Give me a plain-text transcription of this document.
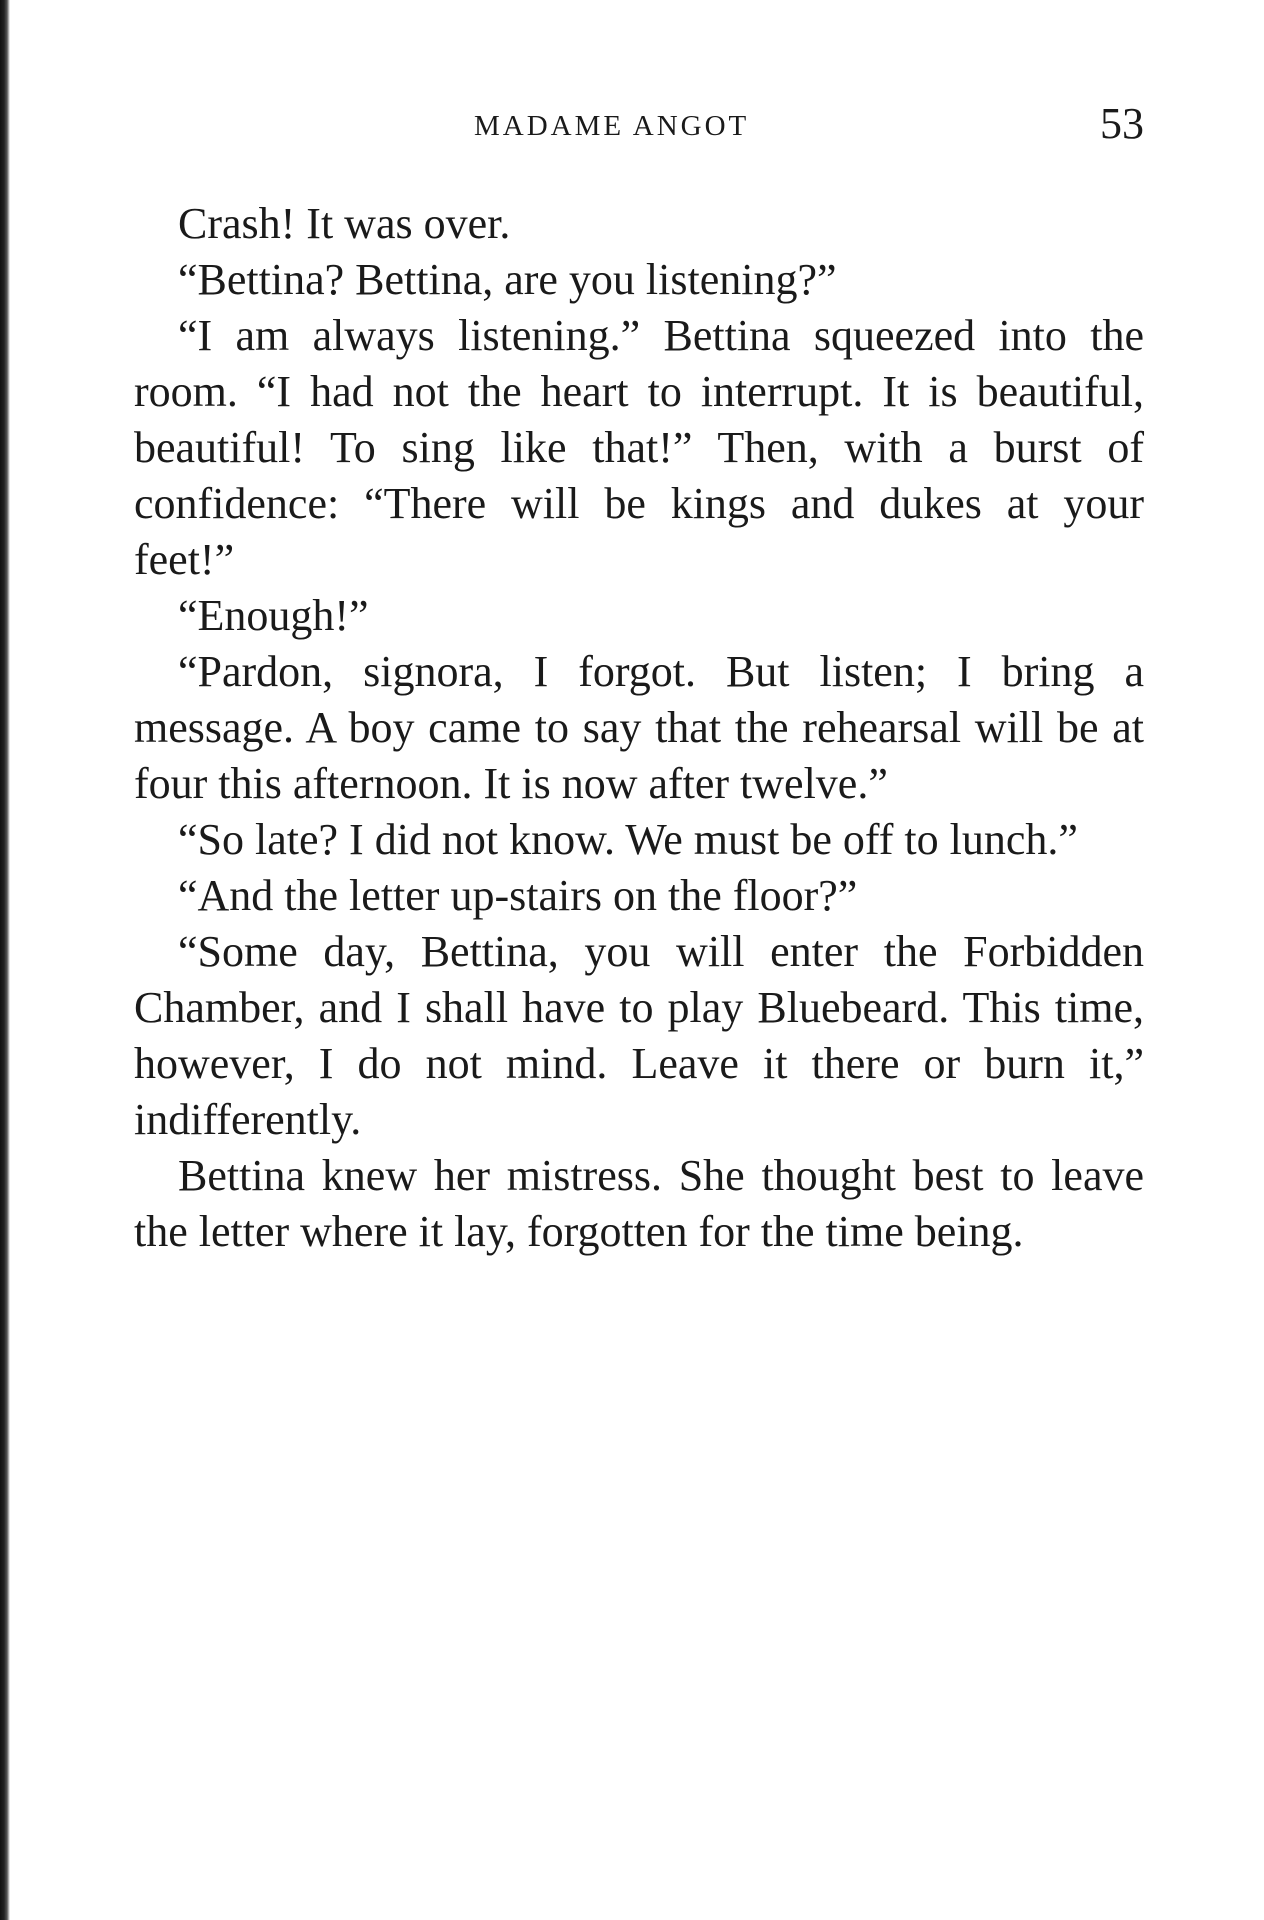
MADAME ANGOT	53

Crash! It was over.

“Bettina? Bettina, are you listening?”

“I am always listening.” Bettina squeezed into the room. “I had not the heart to interrupt. It is beautiful, beautiful! To sing like that!” Then, with a burst of confidence: “There will be kings and dukes at your feet!”

“Enough!”

“Pardon, signora, I forgot. But listen; I bring a message. A boy came to say that the rehearsal will be at four this afternoon. It is now after twelve.”

“So late? I did not know. We must be off to lunch.”

“And the letter up-stairs on the floor?”

“Some day, Bettina, you will enter the Forbidden Chamber, and I shall have to play Bluebeard. This time, however, I do not mind. Leave it there or burn it,” indifferently.

Bettina knew her mistress. She thought best to leave the letter where it lay, forgotten for the time being.
